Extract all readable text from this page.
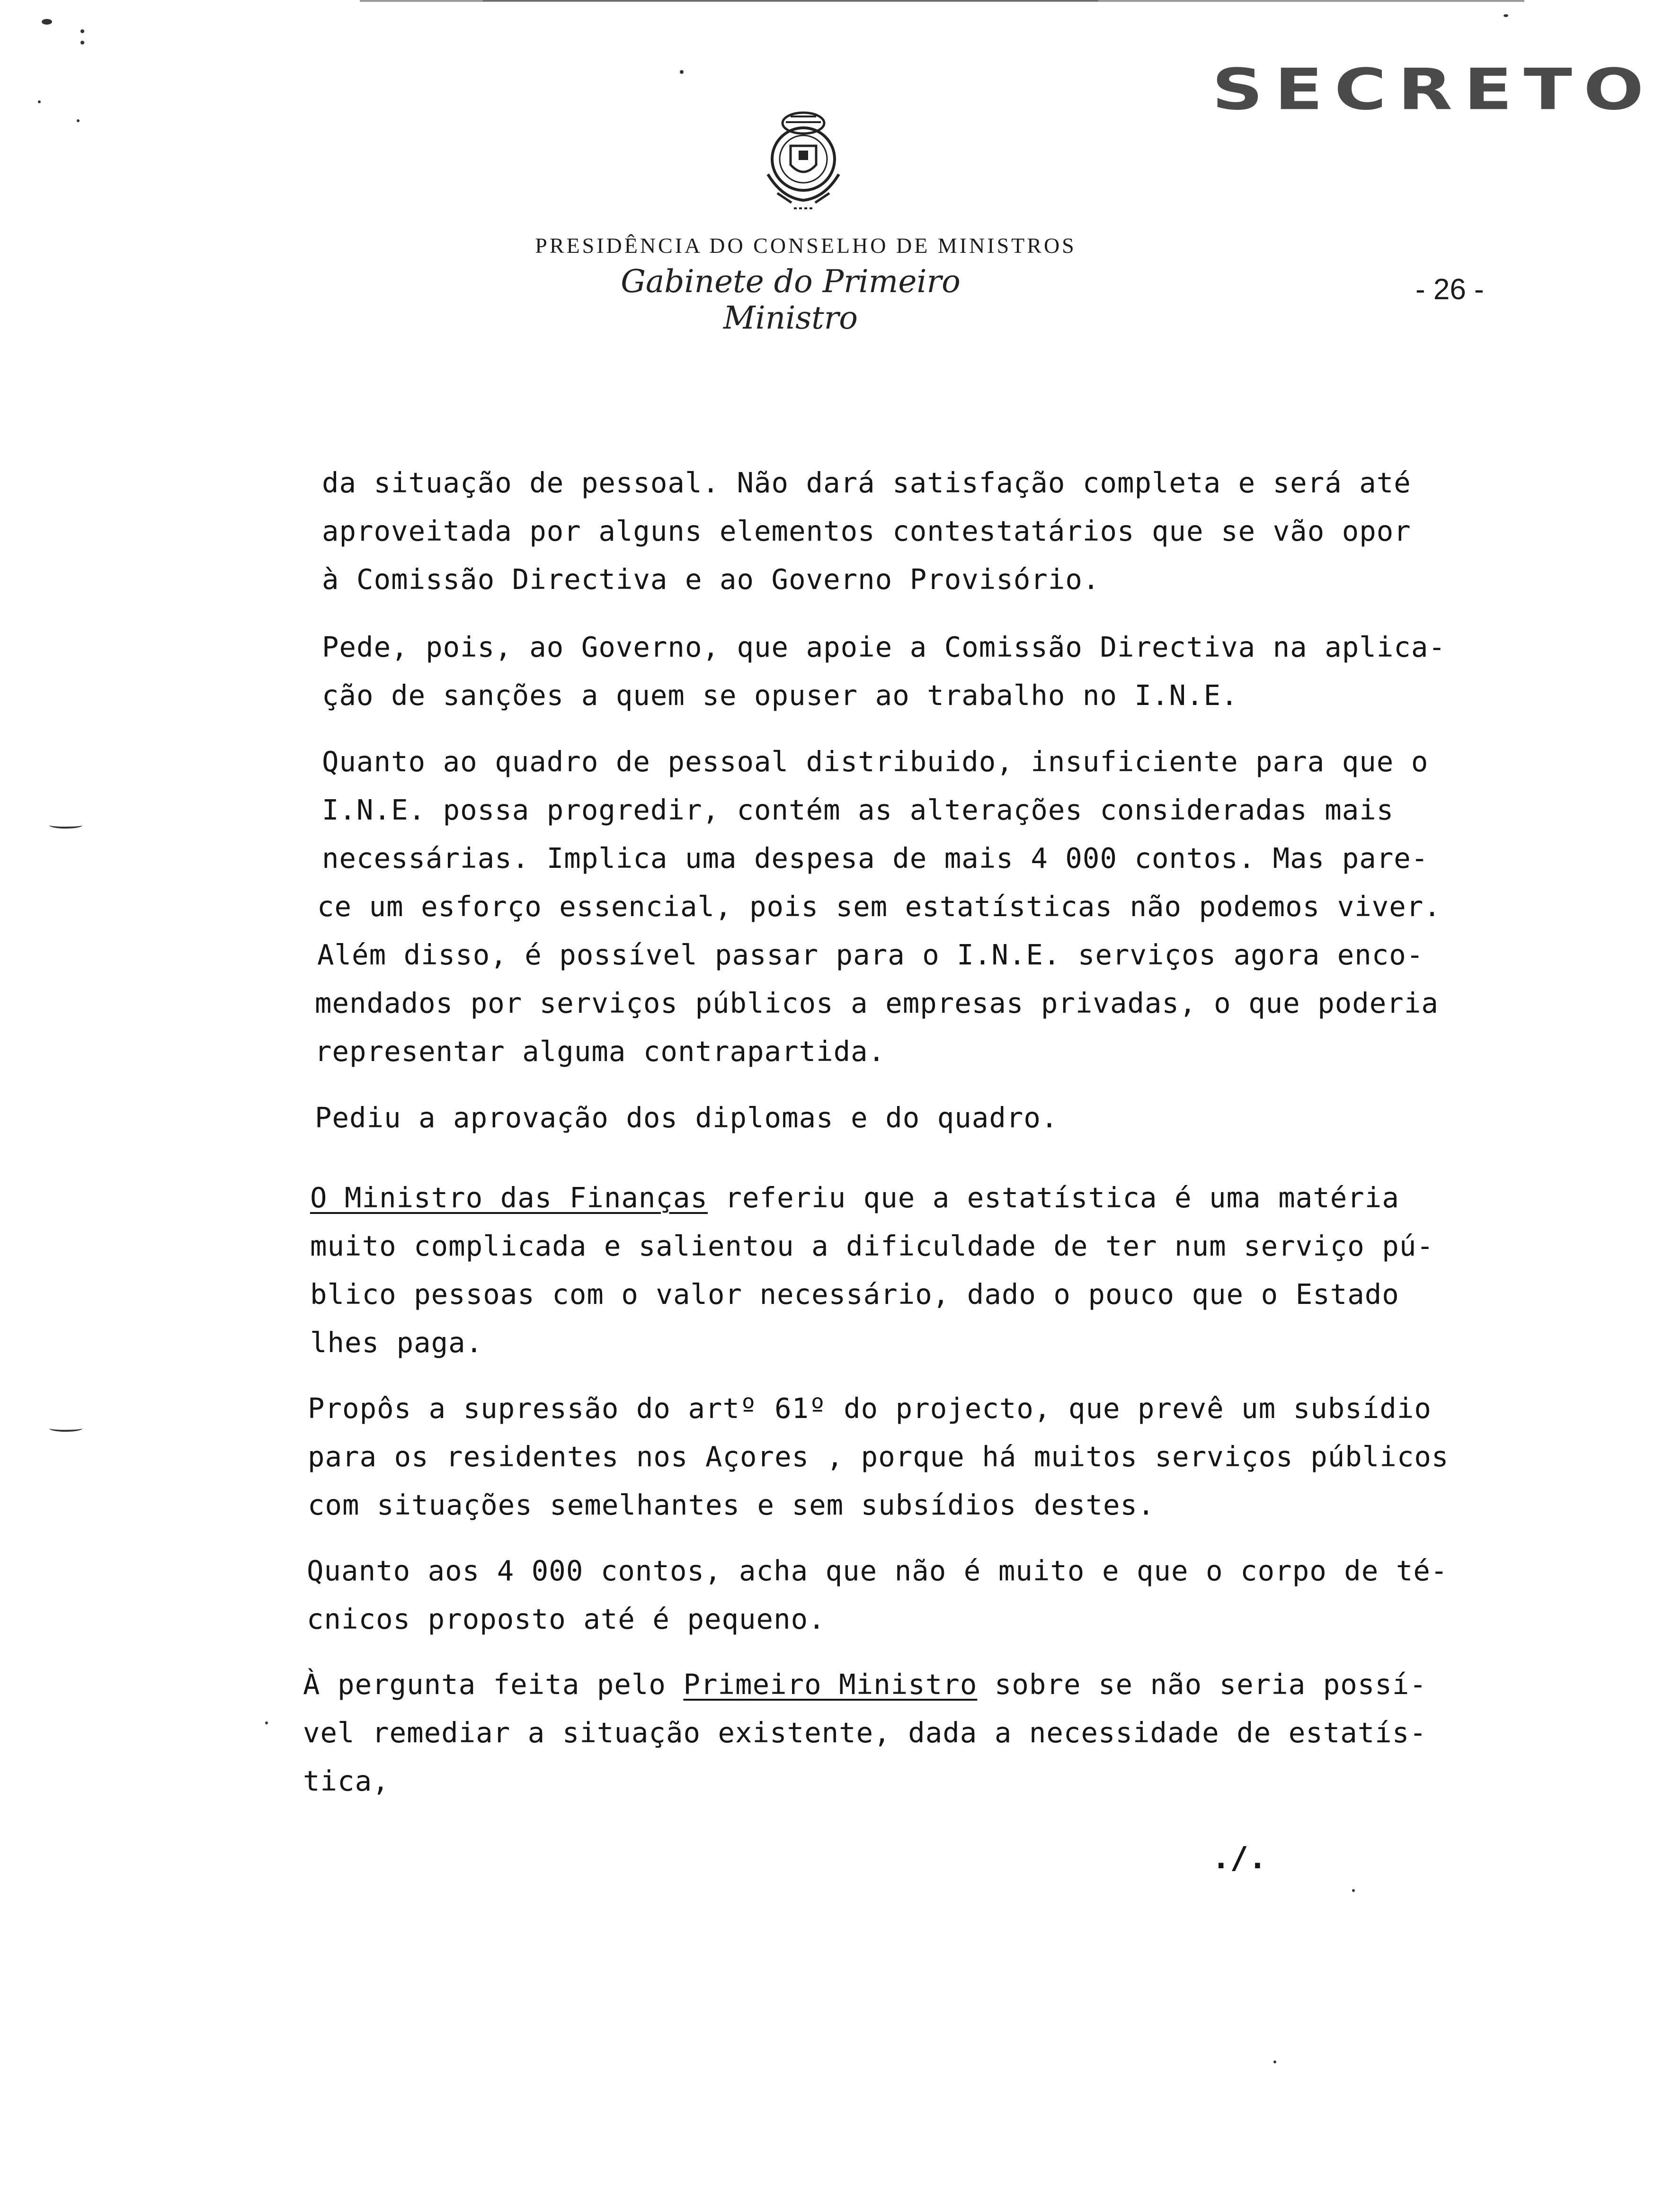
SECRETO
PRESIDÊNCIA DO CONSELHO DE MINISTROS
Gabinete do Primeiro Ministro
- 26 -
da situação de pessoal. Não dará satisfação completa e será até
aproveitada por alguns elementos contestatários que se vão opor
à Comissão Directiva e ao Governo Provisório.
Pede, pois, ao Governo, que apoie a Comissão Directiva na aplica-
ção de sanções a quem se opuser ao trabalho no I.N.E.
Quanto ao quadro de pessoal distribuido, insuficiente para que o
I.N.E. possa progredir, contém as alterações consideradas mais
necessárias. Implica uma despesa de mais 4 000 contos. Mas pare-
ce um esforço essencial, pois sem estatísticas não podemos viver.
Além disso, é possível passar para o I.N.E. serviços agora enco-
mendados por serviços públicos a empresas privadas, o que poderia
representar alguma contrapartida.
Pediu a aprovação dos diplomas e do quadro.
O Ministro das Finanças referiu que a estatística é uma matéria
muito complicada e salientou a dificuldade de ter num serviço pú-
blico pessoas com o valor necessário, dado o pouco que o Estado
lhes paga.
Propôs a supressão do artº 61º do projecto, que prevê um subsídio
para os residentes nos Açores , porque há muitos serviços públicos
com situações semelhantes e sem subsídios destes.
Quanto aos 4 000 contos, acha que não é muito e que o corpo de té-
cnicos proposto até é pequeno.
À pergunta feita pelo Primeiro Ministro sobre se não seria possí-
vel remediar a situação existente, dada a necessidade de estatís-
tica,
./.
